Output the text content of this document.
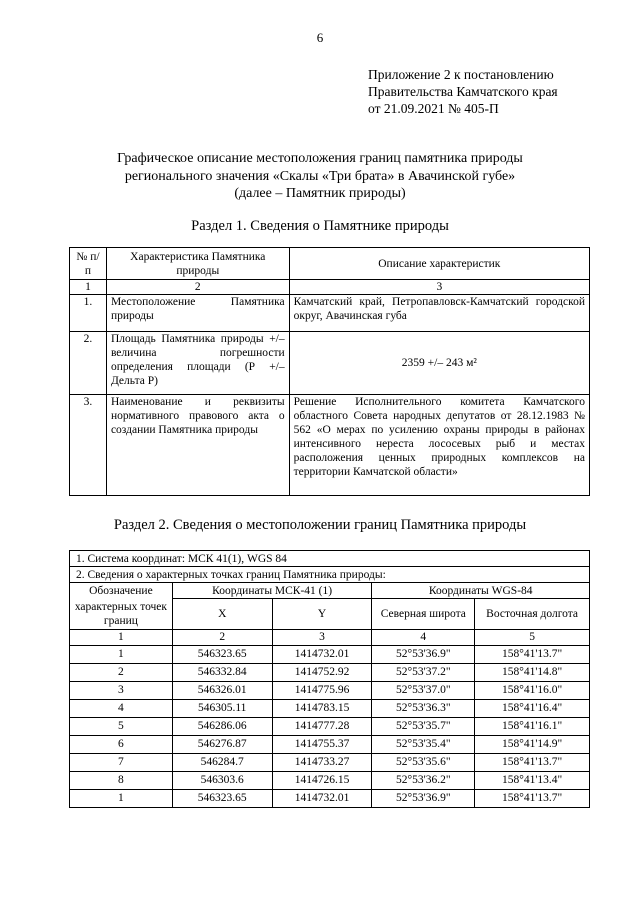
6
Приложение 2 к постановлению
Правительства Камчатского края
от 21.09.2021 № 405-П
Графическое описание местоположения границ памятника природы
регионального значения «Скалы «Три брата» в Авачинской губе»
(далее – Памятник природы)
Раздел 1. Сведения о Памятнике природы
№ п/п	Характеристика Памятника природы	Описание характеристик
1	2	3
1.	Местоположение Памятника природы	Камчатский край, Петропавловск-Камчатский городской округ, Авачинская губа
2.	Площадь Памятника природы +/– величина погрешности определения площади (Р +/– Дельта Р)	2359 +/– 243 м²
3.	Наименование и реквизиты нормативного правового акта о создании Памятника природы	Решение Исполнительного комитета Камчатского областного Совета народных депутатов от 28.12.1983 № 562 «О мерах по усилению охраны природы в районах интенсивного нереста лососевых рыб и местах расположения ценных природных комплексов на территории Камчатской области»
Раздел 2. Сведения о местоположении границ Памятника природы
1. Система координат: МСК 41(1), WGS 84				
2. Сведения о характерных точках границ Памятника природы:				
Обозначение	Координаты МСК-41 (1)		Координаты WGS-84	
характерных точек границ	X	Y	Северная широта	Восточная долгота
1	2	3	4	5
1	546323.65	1414732.01	52°53'36.9"	158°41'13.7"
2	546332.84	1414752.92	52°53'37.2"	158°41'14.8"
3	546326.01	1414775.96	52°53'37.0"	158°41'16.0"
4	546305.11	1414783.15	52°53'36.3"	158°41'16.4"
5	546286.06	1414777.28	52°53'35.7"	158°41'16.1"
6	546276.87	1414755.37	52°53'35.4"	158°41'14.9"
7	546284.7	1414733.27	52°53'35.6"	158°41'13.7"
8	546303.6	1414726.15	52°53'36.2"	158°41'13.4"
1	546323.65	1414732.01	52°53'36.9"	158°41'13.7"
